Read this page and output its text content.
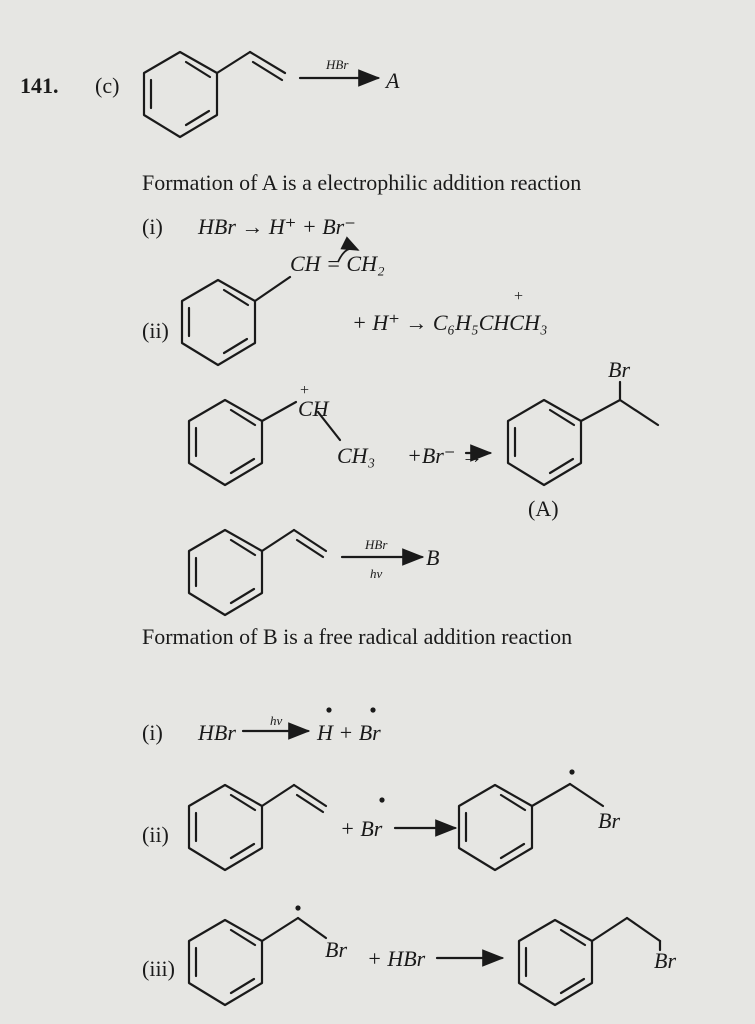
141. (c)
HBr
A
Formation of A is a electrophilic addition reaction
(i) HBr → H⁺ + Br⁻
CH = CH₂
(ii)	+ H⁺ → C₆H₅CHCH₃
+
+
CH
CH₃ +Br⁻ →
Br
(A)
HBr
hν
B
Formation of B is a free radical addition reaction
(i) HBr	hν H + Br
(ii)	+ Br	Br
(iii)
Br + HBr	Br
